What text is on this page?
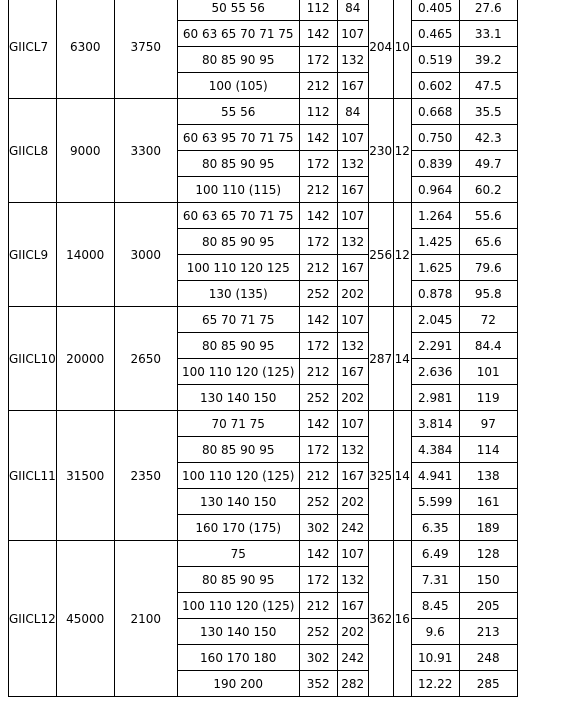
GIICL7	6300	3750	50 55 56	112	84	204	10	0.405	27.6
			60 63 65 70 71 75	142	107			0.465	33.1
			80 85 90 95	172	132			0.519	39.2
			100 (105)	212	167			0.602	47.5
GIICL8	9000	3300	55 56	112	84	230	12	0.668	35.5
			60 63 95 70 71 75	142	107			0.750	42.3
			80 85 90 95	172	132			0.839	49.7
			100 110 (115)	212	167			0.964	60.2
GIICL9	14000	3000	60 63 65 70 71 75	142	107	256	12	1.264	55.6
			80 85 90 95	172	132			1.425	65.6
			100 110 120 125	212	167			1.625	79.6
			130 (135)	252	202			0.878	95.8
GIICL10	20000	2650	65 70 71 75	142	107	287	14	2.045	72
			80 85 90 95	172	132			2.291	84.4
			100 110 120 (125)	212	167			2.636	101
			130 140 150	252	202			2.981	119
GIICL11	31500	2350	70 71 75	142	107	325	14	3.814	97
			80 85 90 95	172	132			4.384	114
			100 110 120 (125)	212	167			4.941	138
			130 140 150	252	202			5.599	161
			160 170 (175)	302	242			6.35	189
GIICL12	45000	2100	75	142	107	362	16	6.49	128
			80 85 90 95	172	132			7.31	150
			100 110 120 (125)	212	167			8.45	205
			130 140 150	252	202			9.6	213
			160 170 180	302	242			10.91	248
			190 200	352	282			12.22	285
